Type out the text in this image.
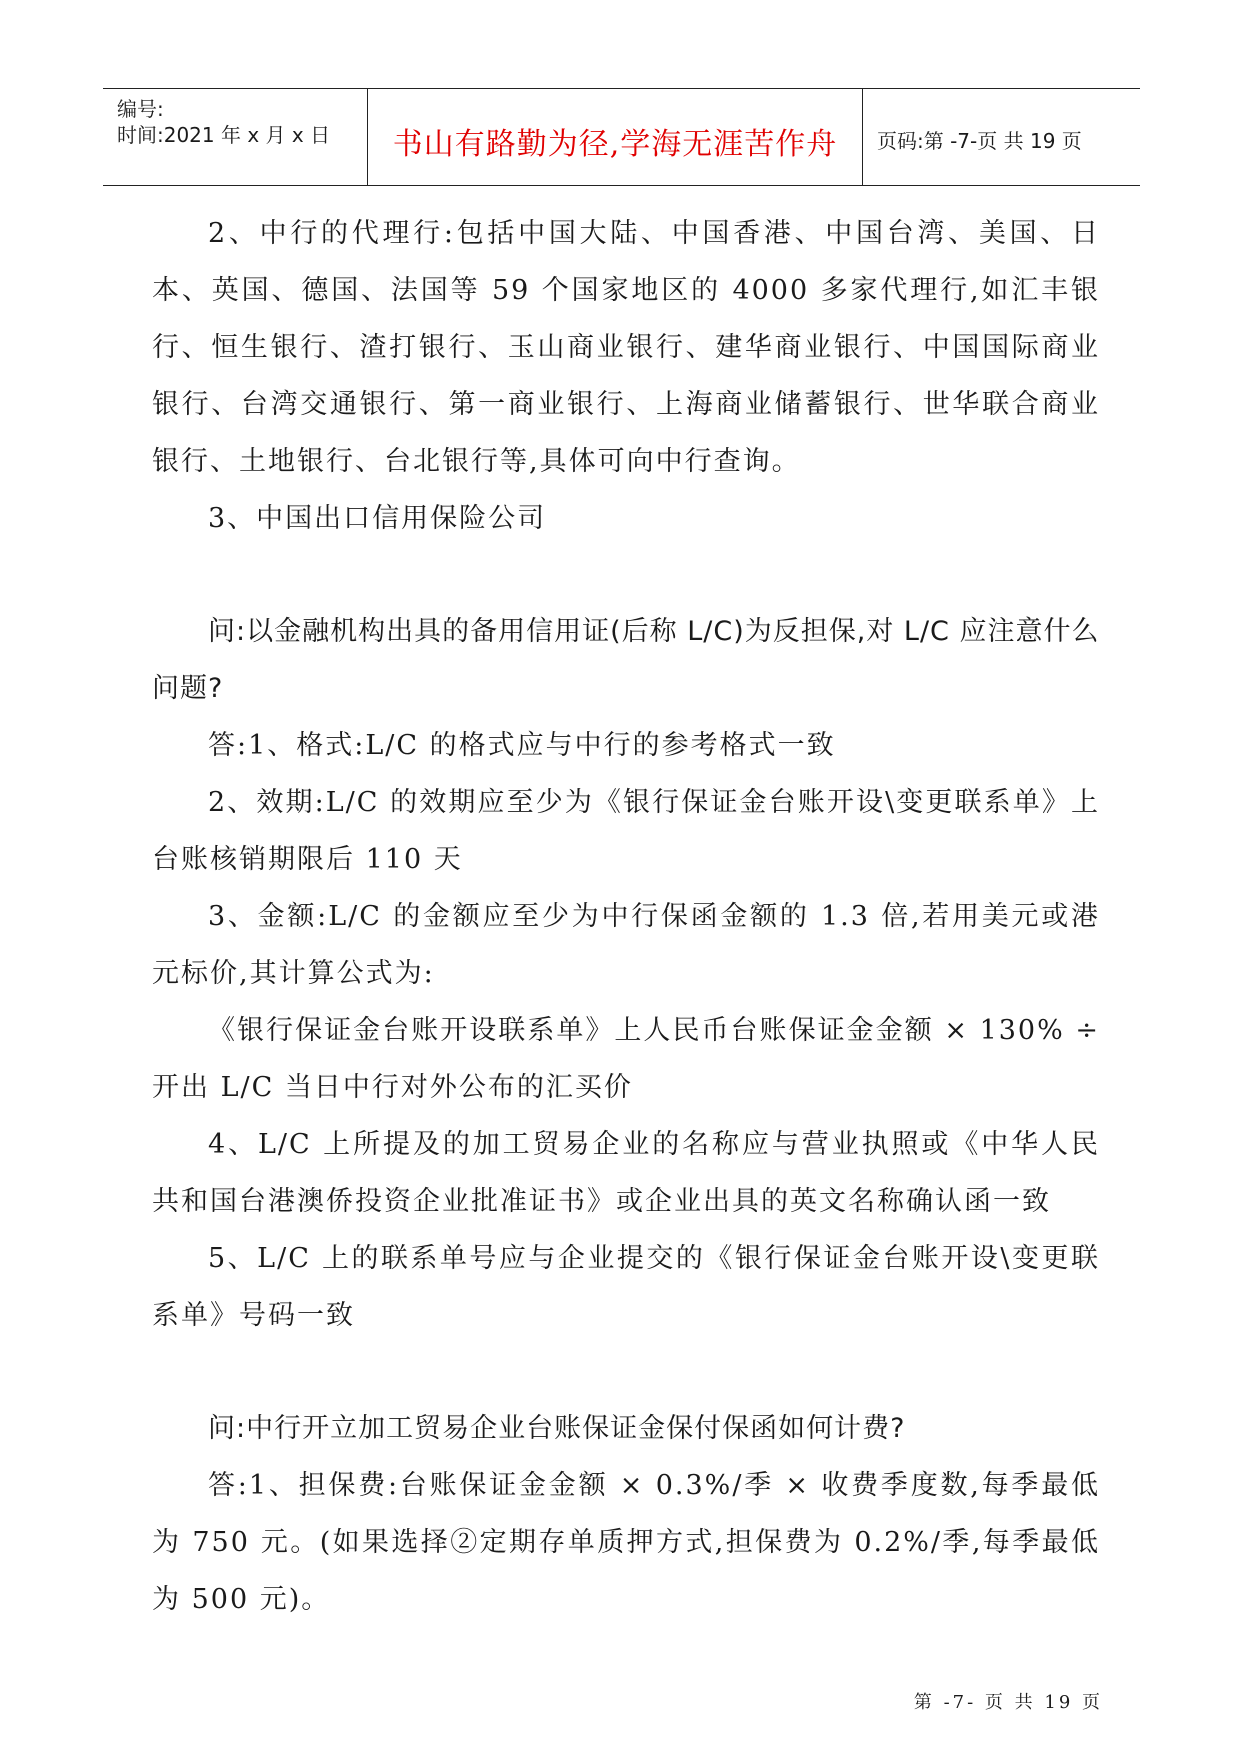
编号:
时间:2021 年 x 月 x 日	书山有路勤为径,学海无涯苦作舟	页码:第 -7-页 共 19 页

2、中行的代理行:包括中国大陆、中国香港、中国台湾、美国、日本、英国、德国、法国等 59 个国家地区的 4000 多家代理行,如汇丰银行、恒生银行、渣打银行、玉山商业银行、建华商业银行、中国国际商业银行、台湾交通银行、第一商业银行、上海商业储蓄银行、世华联合商业银行、土地银行、台北银行等,具体可向中行查询。

3、中国出口信用保险公司

问:以金融机构出具的备用信用证(后称 L/C)为反担保,对 L/C 应注意什么问题?

答:1、格式:L/C 的格式应与中行的参考格式一致

2、效期:L/C 的效期应至少为《银行保证金台账开设\变更联系单》上台账核销期限后 110 天

3、金额:L/C 的金额应至少为中行保函金额的 1.3 倍,若用美元或港元标价,其计算公式为:

《银行保证金台账开设联系单》上人民币台账保证金金额 × 130% ÷ 开出 L/C 当日中行对外公布的汇买价

4、L/C 上所提及的加工贸易企业的名称应与营业执照或《中华人民共和国台港澳侨投资企业批准证书》或企业出具的英文名称确认函一致

5、L/C 上的联系单号应与企业提交的《银行保证金台账开设\变更联系单》号码一致

问:中行开立加工贸易企业台账保证金保付保函如何计费?

答:1、担保费:台账保证金金额 × 0.3%/季 × 收费季度数,每季最低为 750 元。(如果选择②定期存单质押方式,担保费为 0.2%/季,每季最低为 500 元)。

第 -7- 页 共 19 页
